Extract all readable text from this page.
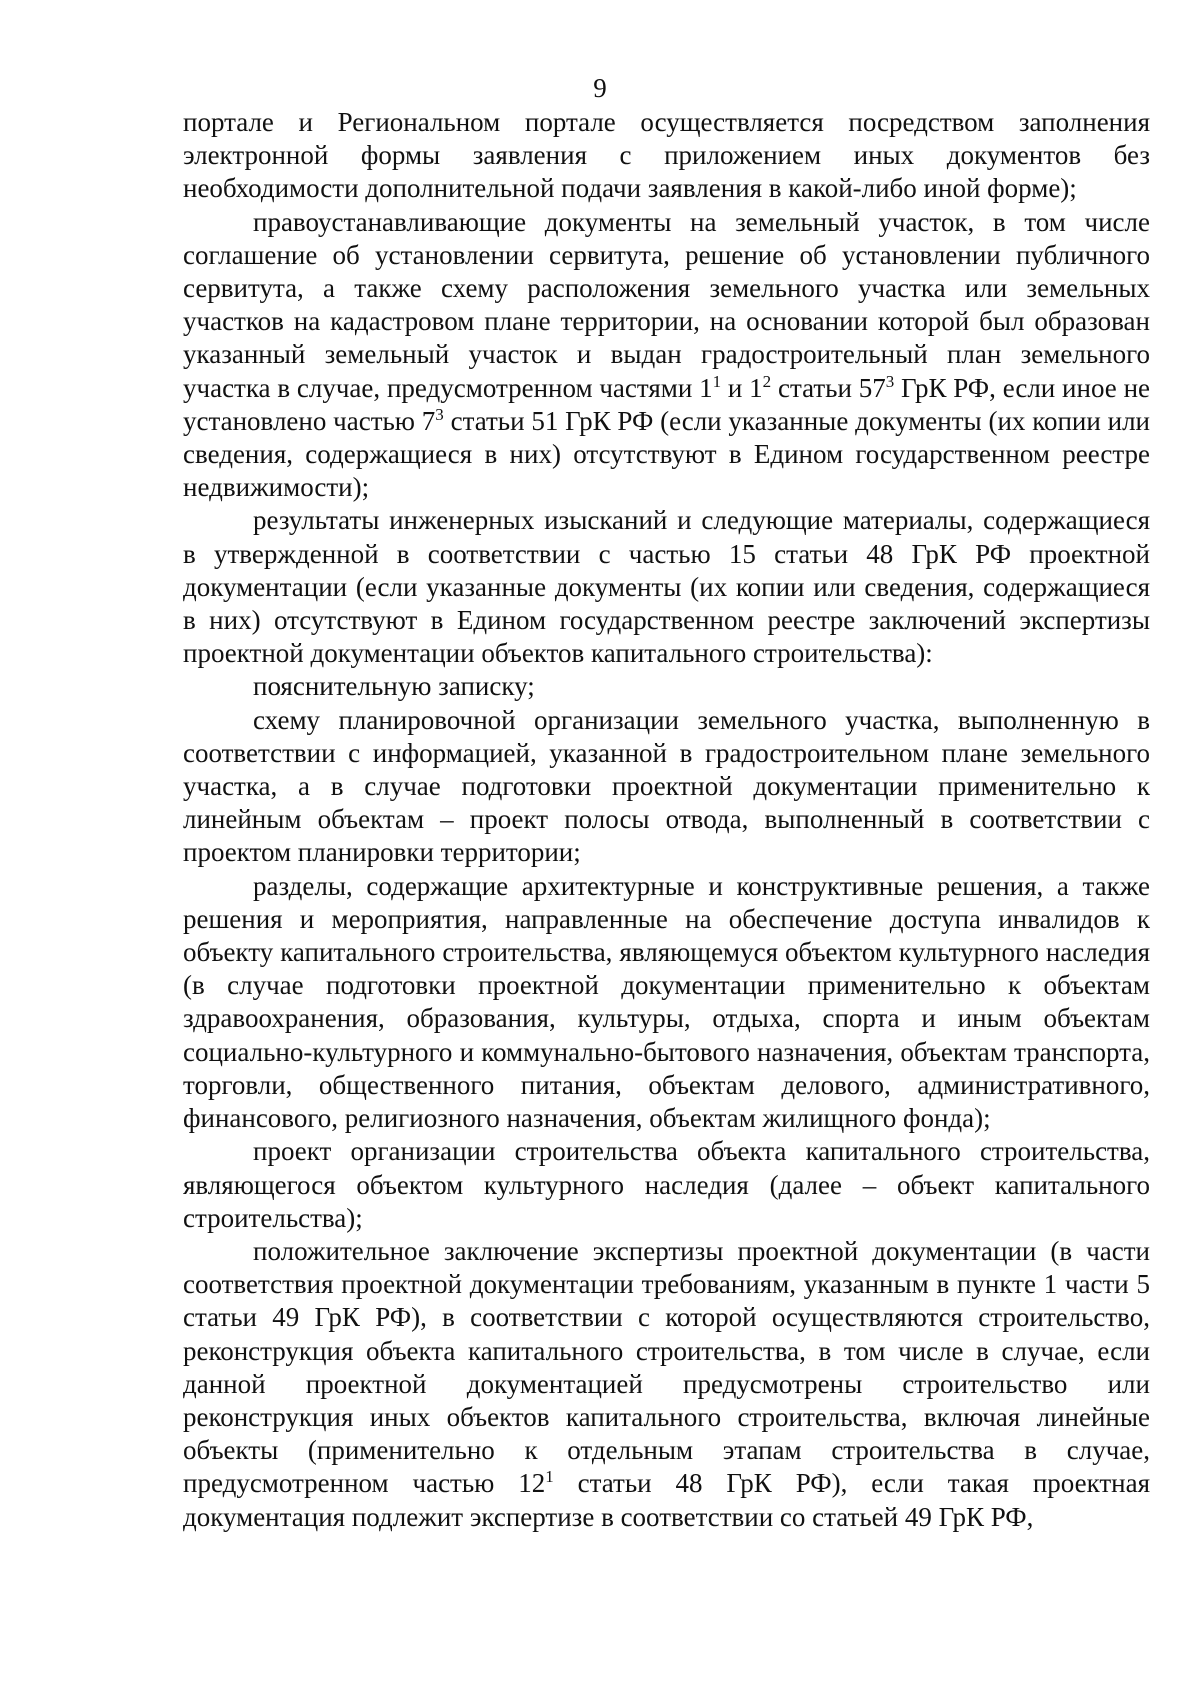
9

портале и Региональном портале осуществляется посредством заполнения электронной формы заявления с приложением иных документов без необходимости дополнительной подачи заявления в какой-либо иной форме);

правоустанавливающие документы на земельный участок, в том числе соглашение об установлении сервитута, решение об установлении публичного сервитута, а также схему расположения земельного участка или земельных участков на кадастровом плане территории, на основании которой был образован указанный земельный участок и выдан градостроительный план земельного участка в случае, предусмотренном частями $1^1$ и $1^2$ статьи $57^3$ ГрК РФ, если иное не установлено частью $7^3$ статьи 51 ГрК РФ (если указанные документы (их копии или сведения, содержащиеся в них) отсутствуют в Едином государственном реестре недвижимости);

результаты инженерных изысканий и следующие материалы, содержащиеся в утвержденной в соответствии с частью 15 статьи 48 ГрК РФ проектной документации (если указанные документы (их копии или сведения, содержащиеся в них) отсутствуют в Едином государственном реестре заключений экспертизы проектной документации объектов капитального строительства):

пояснительную записку;

схему планировочной организации земельного участка, выполненную в соответствии с информацией, указанной в градостроительном плане земельного участка, а в случае подготовки проектной документации применительно к линейным объектам – проект полосы отвода, выполненный в соответствии с проектом планировки территории;

разделы, содержащие архитектурные и конструктивные решения, а также решения и мероприятия, направленные на обеспечение доступа инвалидов к объекту капитального строительства, являющемуся объектом культурного наследия (в случае подготовки проектной документации применительно к объектам здравоохранения, образования, культуры, отдыха, спорта и иным объектам социально-культурного и коммунально-бытового назначения, объектам транспорта, торговли, общественного питания, объектам делового, административного, финансового, религиозного назначения, объектам жилищного фонда);

проект организации строительства объекта капитального строительства, являющегося объектом культурного наследия (далее – объект капитального строительства);

положительное заключение экспертизы проектной документации (в части соответствия проектной документации требованиям, указанным в пункте 1 части 5 статьи 49 ГрК РФ), в соответствии с которой осуществляются строительство, реконструкция объекта капитального строительства, в том числе в случае, если данной проектной документацией предусмотрены строительство или реконструкция иных объектов капитального строительства, включая линейные объекты (применительно к отдельным этапам строительства в случае, предусмотренном частью $12^1$ статьи 48 ГрК РФ), если такая проектная документация подлежит экспертизе в соответствии со статьей 49 ГрК РФ,
